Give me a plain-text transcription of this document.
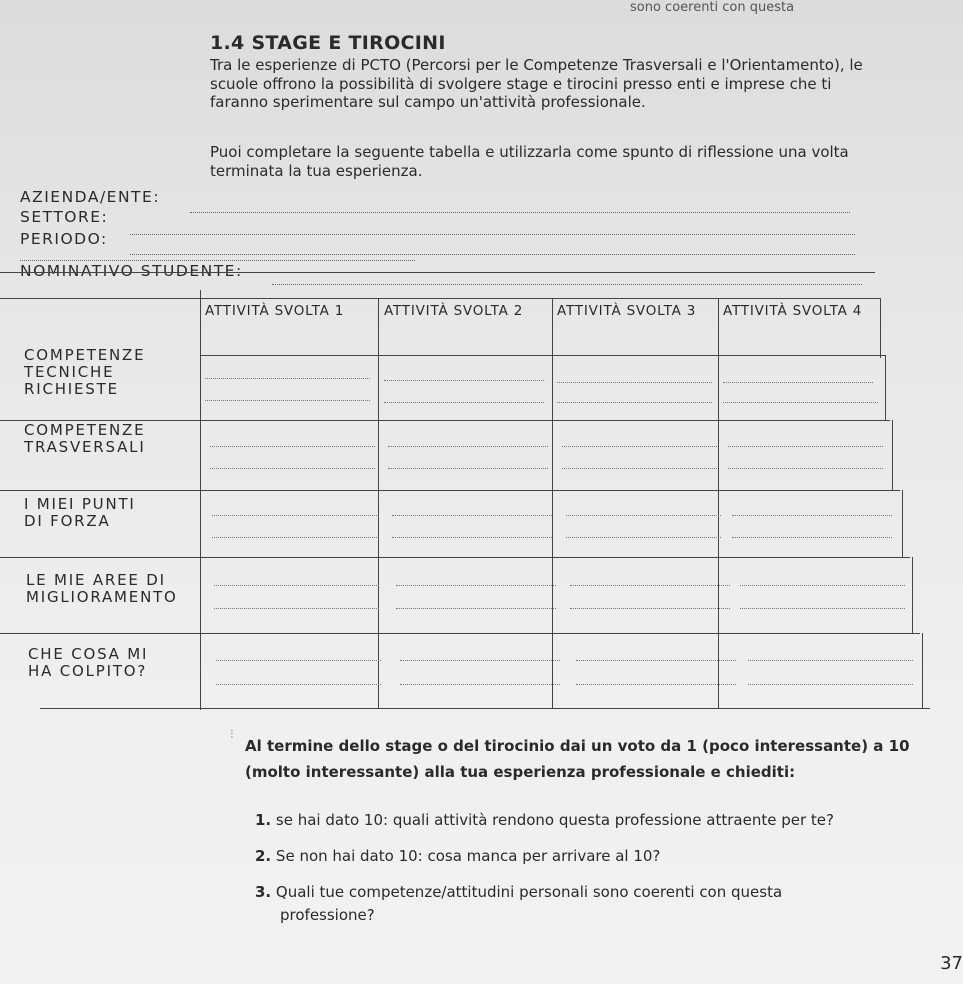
sono coerenti con questa
1.4 STAGE E TIROCINI

Tra le esperienze di PCTO (Percorsi per le Competenze Trasversali e l'Orientamento), le scuole offrono la possibilità di svolgere stage e tirocini presso enti e imprese che ti faranno sperimentare sul campo un'attività professionale.

Puoi completare la seguente tabella e utilizzarla come spunto di riflessione una volta terminata la tua esperienza.

AZIENDA/ENTE:
SETTORE:
PERIODO:
NOMINATIVO STUDENTE:
ATTIVITÀ SVOLTA 1	ATTIVITÀ SVOLTA 2	ATTIVITÀ SVOLTA 3 ATTIVITÀ SVOLTA 4
COMPETENZE
TECNICHE
RICHIESTE
COMPETENZE
TRASVERSALI
I MIEI PUNTI
DI FORZA
LE MIE AREE DI
MIGLIORAMENTO
CHE COSA MI
HA COLPITO?
⁝
Al termine dello stage o del tirocinio dai un voto da 1 (poco interessante) a 10
(molto interessante) alla tua esperienza professionale e chiediti:
1. se hai dato 10: quali attività rendono questa professione attraente per te?
2. Se non hai dato 10: cosa manca per arrivare al 10?
3. Quali tue competenze/attitudini personali sono coerenti con questa
professione?
37
